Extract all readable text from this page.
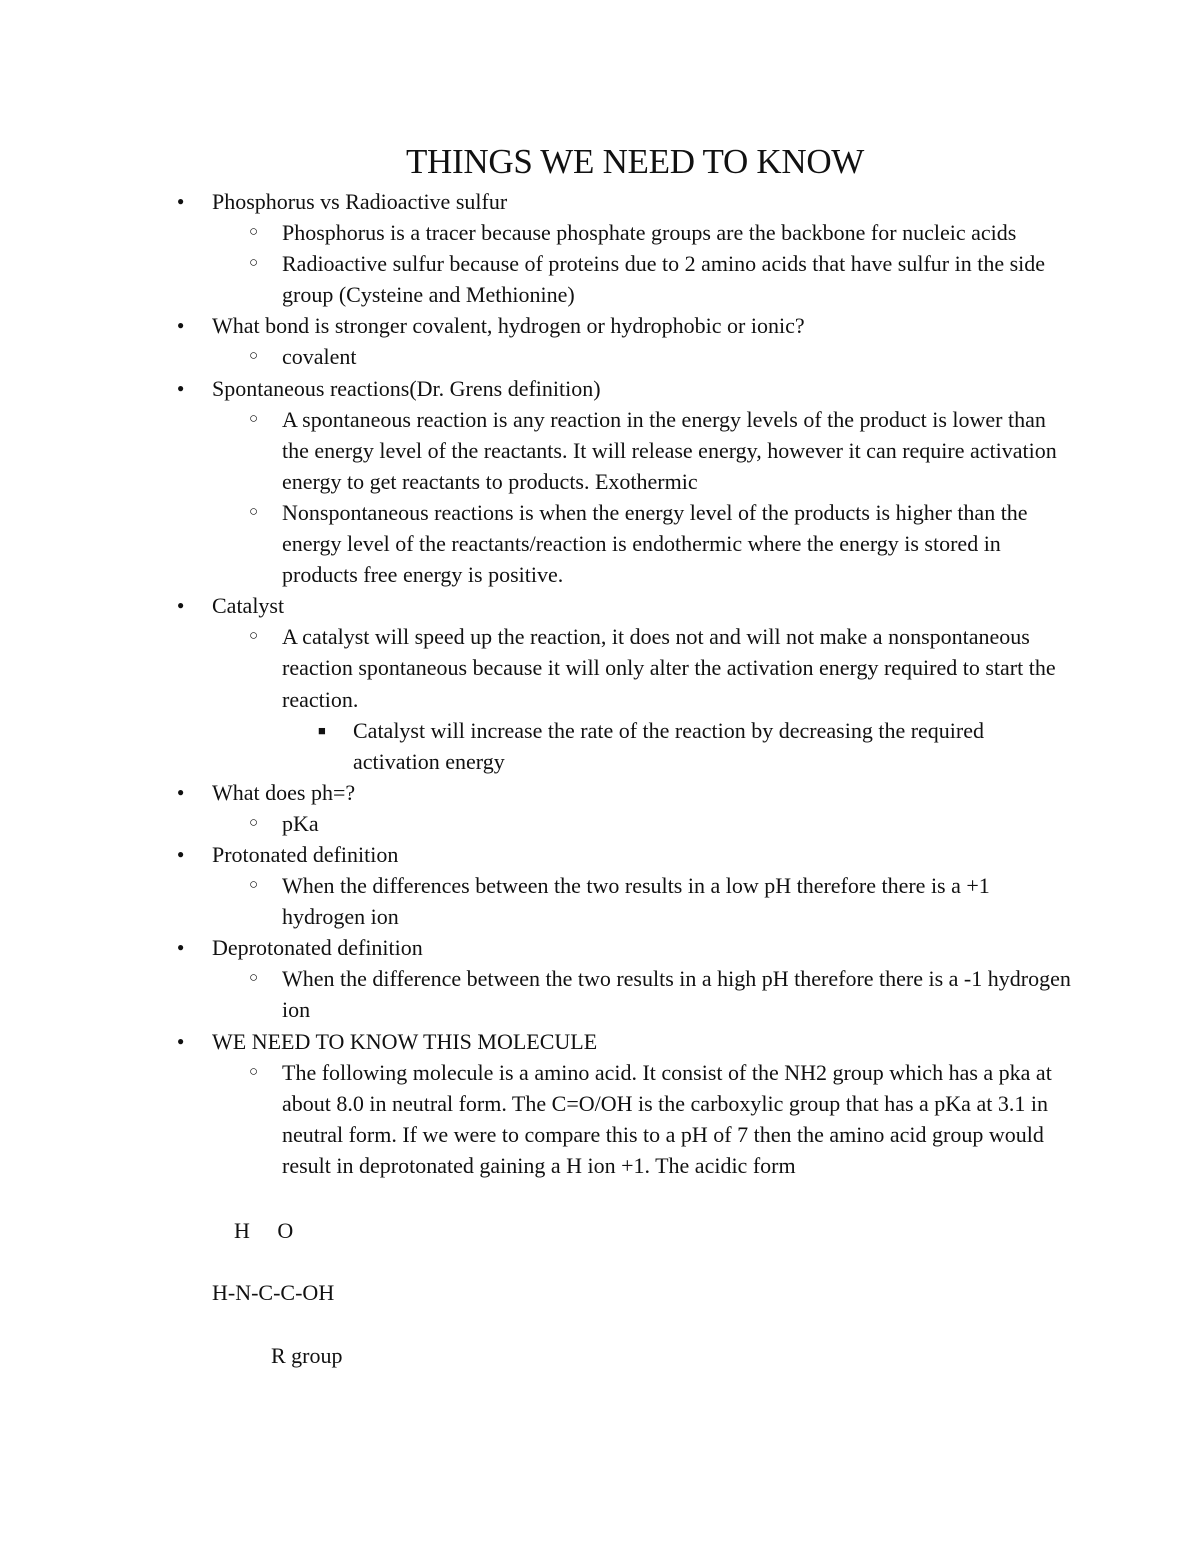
THINGS WE NEED TO KNOW
● Phosphorus vs Radioactive sulfur
○ Phosphorus is a tracer because phosphate groups are the backbone for nucleic acids
○ Radioactive sulfur because of proteins due to 2 amino acids that have sulfur in the side group (Cysteine and Methionine)
● What bond is stronger covalent, hydrogen or hydrophobic or ionic?
○ covalent
● Spontaneous reactions(Dr. Grens definition)
○ A spontaneous reaction is any reaction in the energy levels of the product is lower than the energy level of the reactants. It will release energy, however it can require activation energy to get reactants to products. Exothermic
○ Nonspontaneous reactions is when the energy level of the products is higher than the energy level of the reactants/reaction is endothermic where the energy is stored in products free energy is positive.
● Catalyst
○ A catalyst will speed up the reaction, it does not and will not make a nonspontaneous reaction spontaneous because it will only alter the activation energy required to start the reaction.
■ Catalyst will increase the rate of the reaction by decreasing the required activation energy
● What does ph=?
○ pKa
● Protonated definition
○ When the differences between the two results in a low pH therefore there is a +1 hydrogen ion
● Deprotonated definition
○ When the difference between the two results in a high pH therefore there is a -1 hydrogen ion
● WE NEED TO KNOW THIS MOLECULE
○ The following molecule is a amino acid. It consist of the NH2 group which has a pka at about 8.0 in neutral form. The C=O/OH is the carboxylic group that has a pKa at 3.1 in neutral form. If we were to compare this to a pH of 7 then the amino acid group would result in deprotonated gaining a H ion +1. The acidic form
H     O
H-N-C-C-OH
R group
